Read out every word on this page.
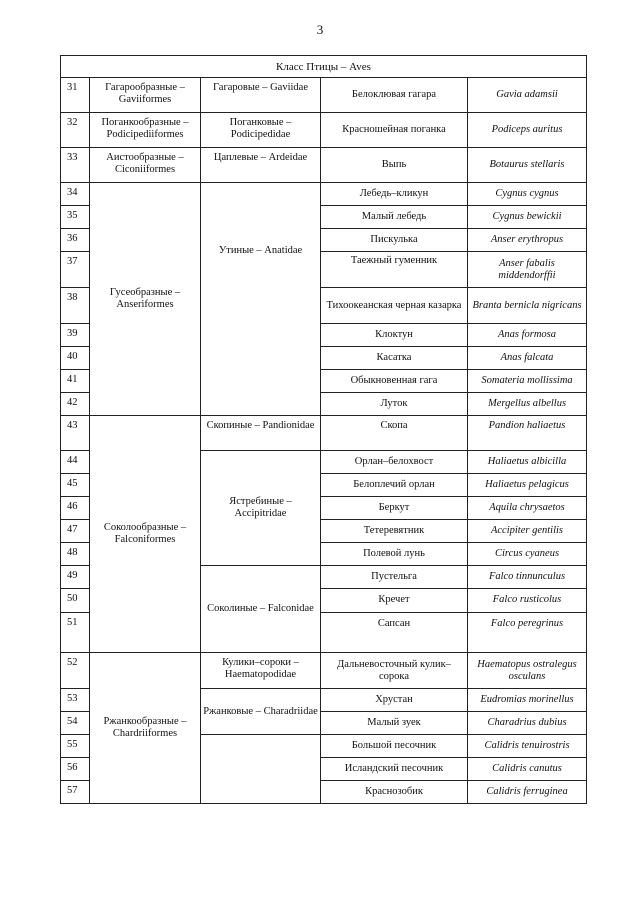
3
Класс Птицы – Aves				
31	Гагарообразные – Gaviiformes	Гагаровые – Gaviidae	Белоклювая гагара	Gavia adamsii
32	Поганкообразные – Podicipediiformes	Поганковые – Podicipedidae	Красношейная поганка	Podiceps auritus
33	Аистообразные – Ciconiiformes	Цаплевые – Ardeidae	Выпь	Botaurus stellaris
34	Гусеобразные – Anseriformes	Утиные – Anatidae	Лебедь–кликун	Cygnus cygnus
35			Малый лебедь	Cygnus bewickii
36			Пискулька	Anser erythropus
37			Таежный гуменник	Anser fabalis middendorffii
38			Тихоокеанская черная казарка	Branta bernicla nigricans
39			Клоктун	Anas formosa
40			Касатка	Anas falcata
41			Обыкновенная гага	Somateria mollissima
42			Луток	Mergellus albellus
43	Соколообразные – Falconiformes	Скопиные – Pandionidae	Скопа	Pandion haliaetus
44		Ястребиные – Accipitridae	Орлан–белохвост	Haliaetus albicilla
45			Белоплечий орлан	Haliaetus pelagicus
46			Беркут	Aquila chrysaetos
47			Тетеревятник	Accipiter gentilis
48			Полевой лунь	Circus cyaneus
49		Соколиные – Falconidae	Пустельга	Falco tinnunculus
50			Кречет	Falco rusticolus
51			Сапсан	Falco peregrinus
52	Ржанкообразные – Chardriiformes	Кулики–сороки – Haematopodidae	Дальневосточный кулик–сорока	Haematopus ostralegus osculans
53		Ржанковые – Charadriidae	Хрустан	Eudromias morinellus
54			Малый зуек	Charadrius dubius
55			Большой песочник	Calidris tenuirostris
56			Исландский песочник	Calidris canutus
57			Краснозобик	Calidris ferruginea
